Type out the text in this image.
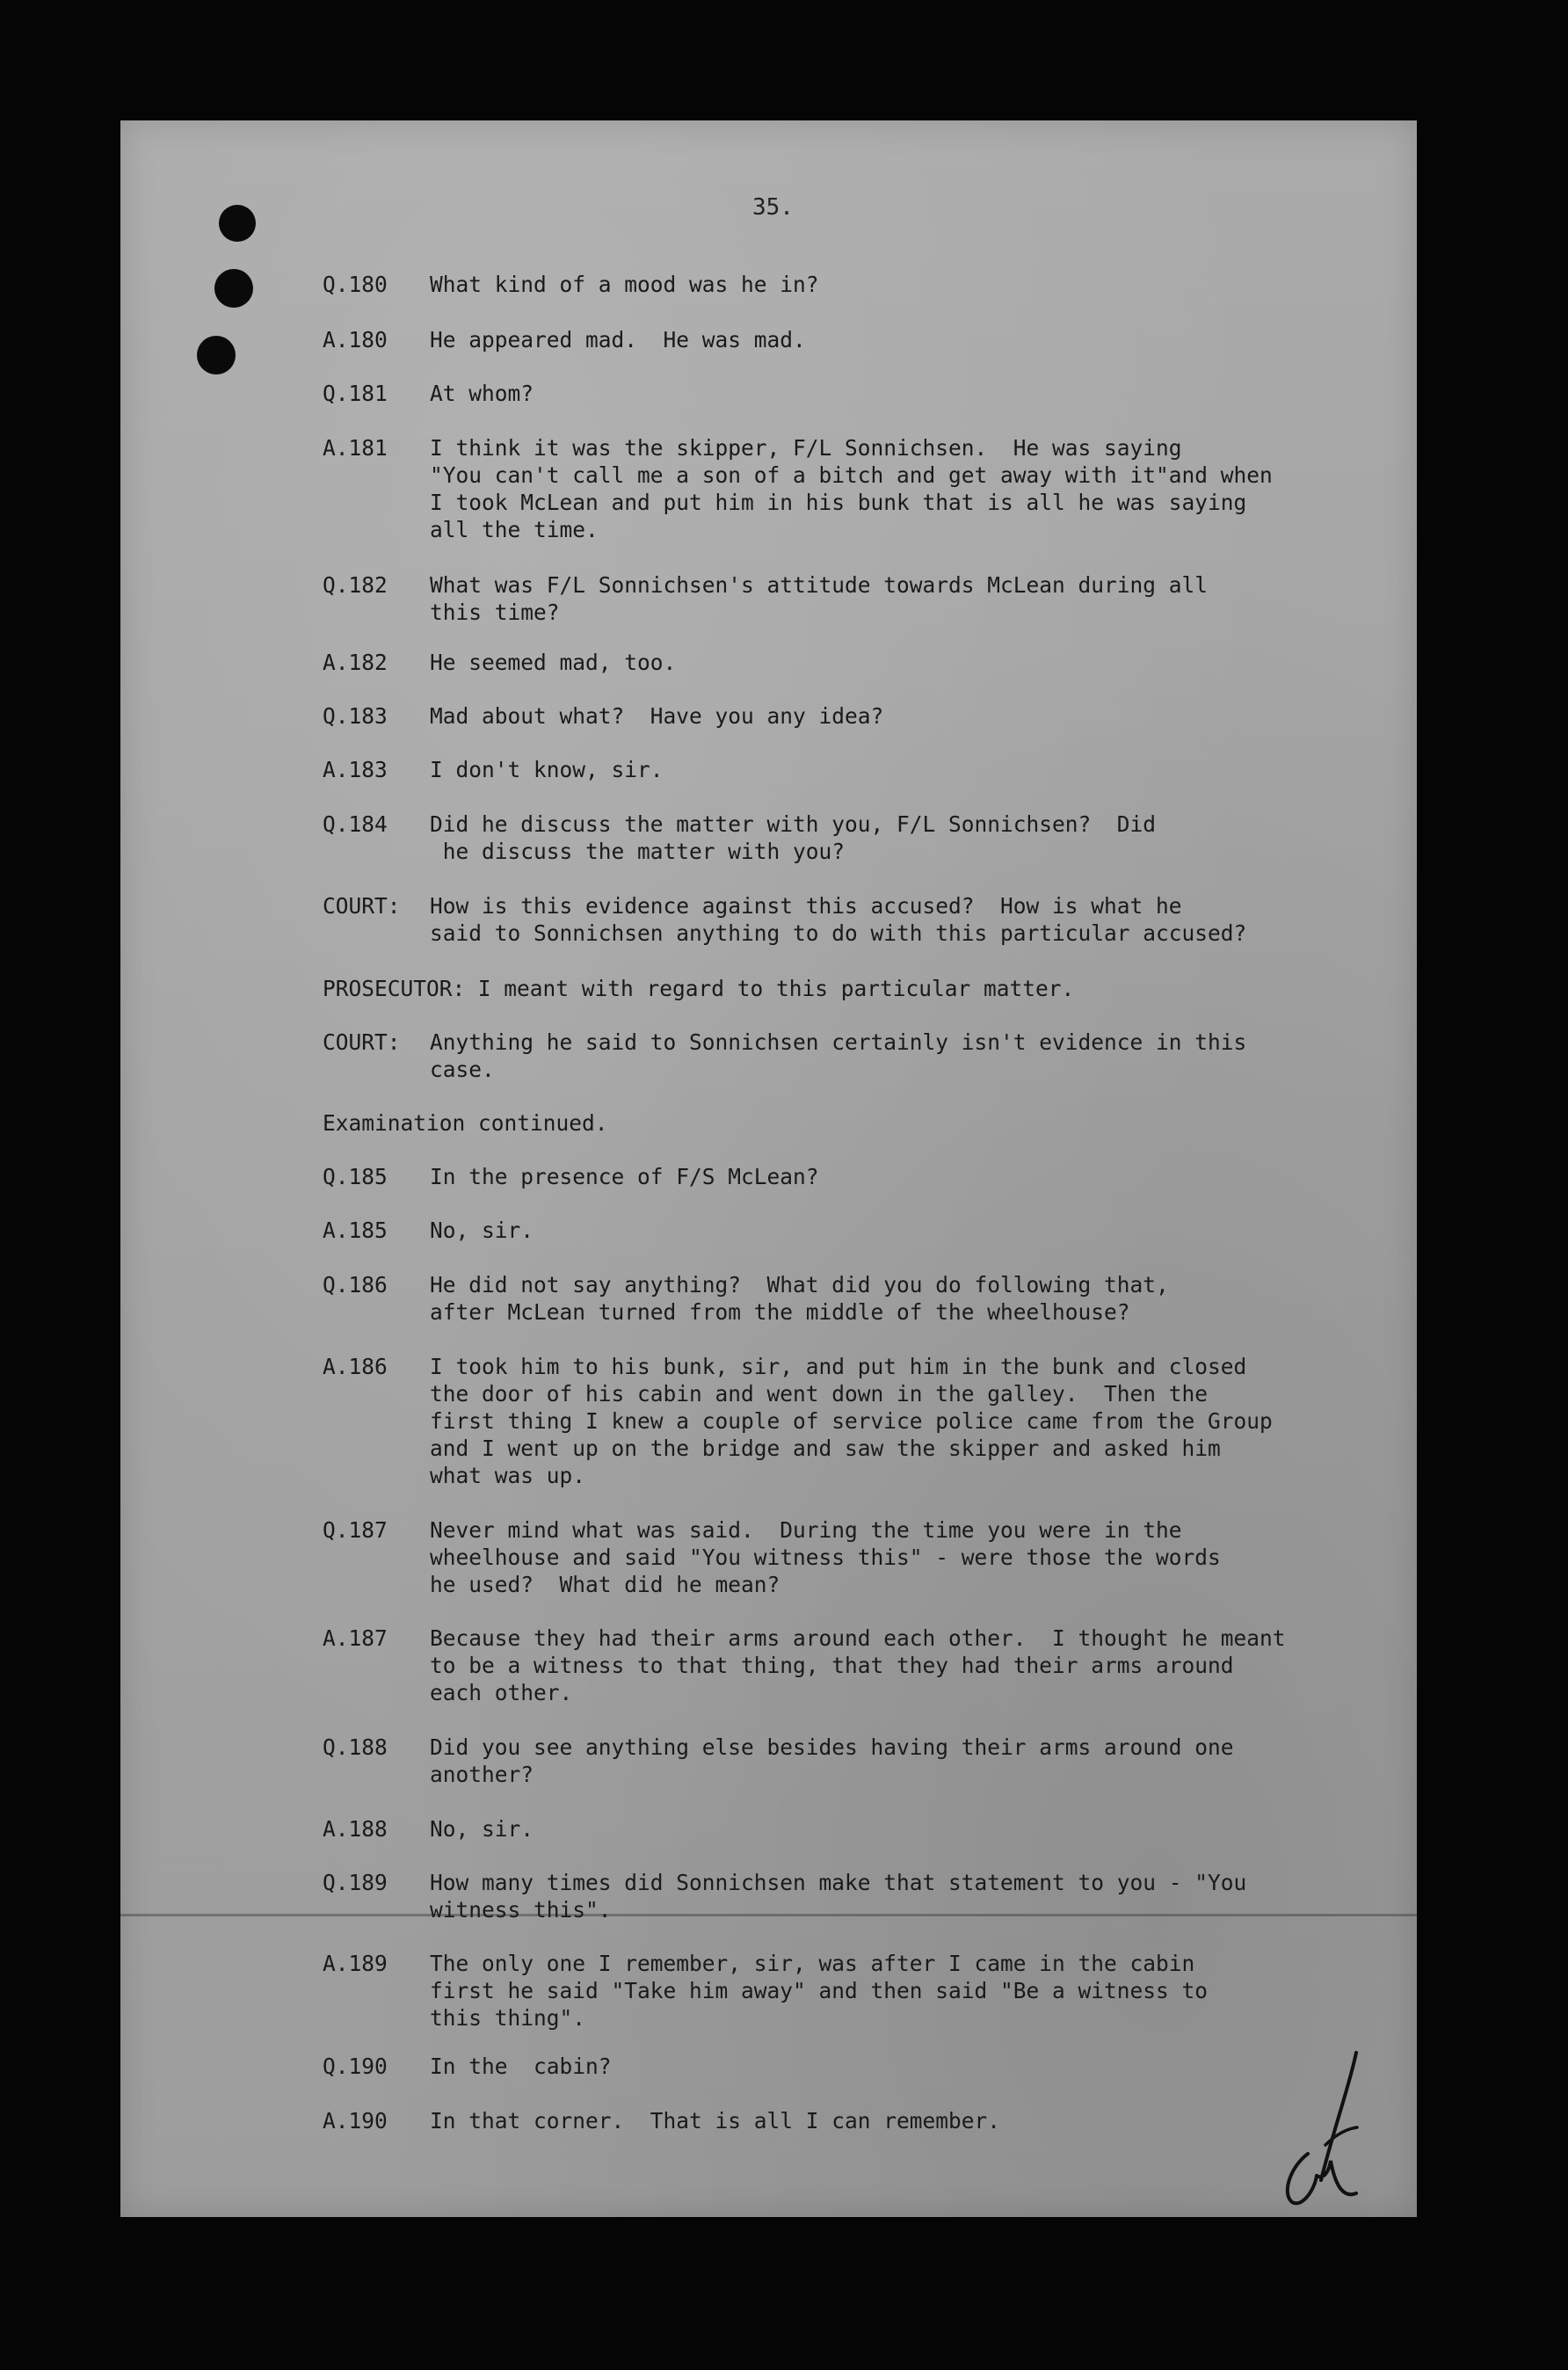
35.
Q.180 What kind of a mood was he in?
A.180 He appeared mad.  He was mad.
Q.181 At whom?
A.181 I think it was the skipper, F/L Sonnichsen.  He was saying
"You can't call me a son of a bitch and get away with it"and when
I took McLean and put him in his bunk that is all he was saying
all the time.
Q.182 What was F/L Sonnichsen's attitude towards McLean during all
this time?
A.182 He seemed mad, too.
Q.183 Mad about what?  Have you any idea?
A.183 I don't know, sir.
Q.184 Did he discuss the matter with you, F/L Sonnichsen?  Did
he discuss the matter with you?
COURT: How is this evidence against this accused?  How is what he
said to Sonnichsen anything to do with this particular accused?
PROSECUTOR: I meant with regard to this particular matter.
COURT: Anything he said to Sonnichsen certainly isn't evidence in this
case.
Examination continued.
Q.185 In the presence of F/S McLean?
A.185 No, sir.
Q.186 He did not say anything?  What did you do following that,
after McLean turned from the middle of the wheelhouse?
A.186 I took him to his bunk, sir, and put him in the bunk and closed
the door of his cabin and went down in the galley.  Then the
first thing I knew a couple of service police came from the Group
and I went up on the bridge and saw the skipper and asked him
what was up.
Q.187 Never mind what was said.  During the time you were in the
wheelhouse and said "You witness this" - were those the words
he used?  What did he mean?
A.187 Because they had their arms around each other.  I thought he meant
to be a witness to that thing, that they had their arms around
each other.
Q.188 Did you see anything else besides having their arms around one
another?
A.188 No, sir.
Q.189 How many times did Sonnichsen make that statement to you - "You
witness this".
A.189 The only one I remember, sir, was after I came in the cabin
first he said "Take him away" and then said "Be a witness to
this thing".
Q.190 In the  cabin?
A.190 In that corner.  That is all I can remember.
